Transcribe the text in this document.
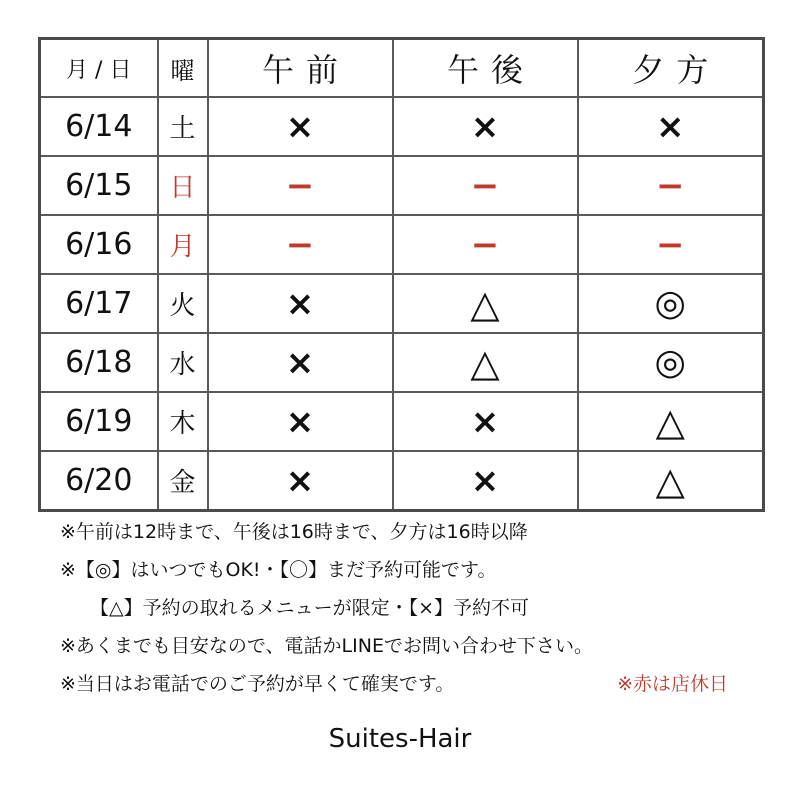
月 / 日	曜	午前	午後	夕方
6/14	土	×	×	×
6/15	日	−	−	−
6/16	月	−	−	−
6/17	火	×	△	◎
6/18	水	×	△	◎
6/19	木	×	×	△
6/20	金	×	×	△
※午前は12時まで、午後は16時まで、夕方は16時以降
※【◎】はいつでもOK!・【〇】まだ予約可能です。
【△】予約の取れるメニューが限定・【×】予約不可
※あくまでも目安なので、電話かLINEでお問い合わせ下さい。
※当日はお電話でのご予約が早くて確実です。	※赤は店休日
Suites-Hair
